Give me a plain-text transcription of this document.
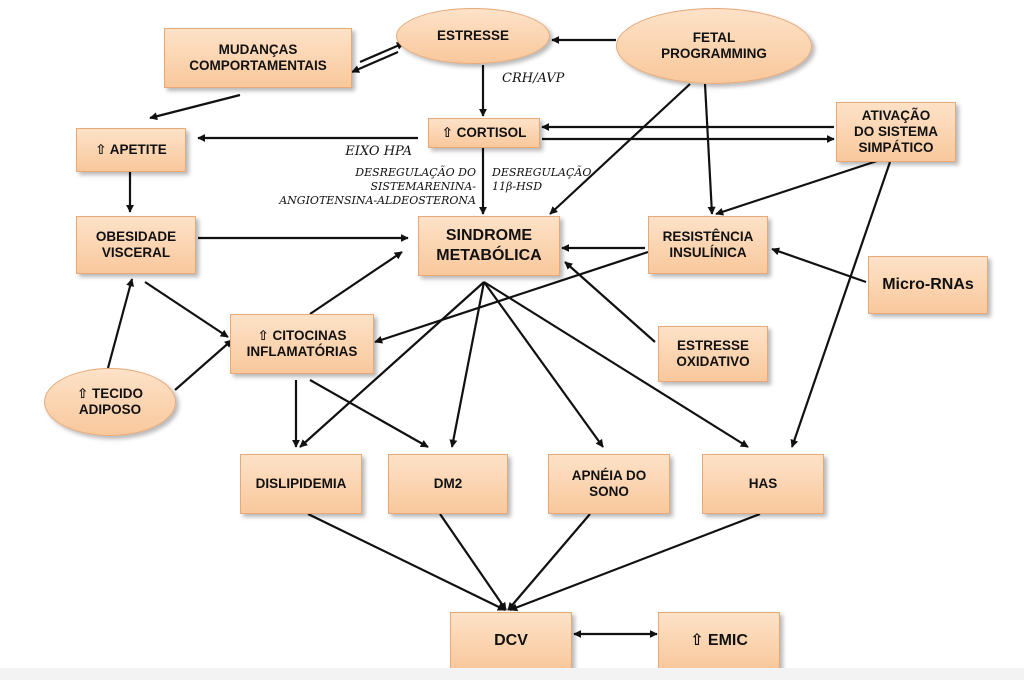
ESTRESSE	FETAL
PROGRAMMING
MUDANÇAS
COMPORTAMENTAIS
⇧ APETITE
⇧ CORTISOL
ATIVAÇÃO
DO SISTEMA
SIMPÁTICO
OBESIDADE
VISCERAL
SINDROME
METABÓLICA
RESISTÊNCIA
INSULÍNICA
Micro-RNAs
⇧ CITOCINAS
INFLAMATÓRIAS	ESTRESSE
OXIDATIVO
⇧ TECIDO
ADIPOSO
DISLIPIDEMIA	DM2
APNÉIA DO
SONO
HAS
DCV	⇧ EMIC
CRH/AVP
EIXO HPA
DESREGULAÇÃO DO SISTEMARENINA-
ANGIOTENSINA-ALDEOSTERONA
DESREGULAÇÃO
11β-HSD
